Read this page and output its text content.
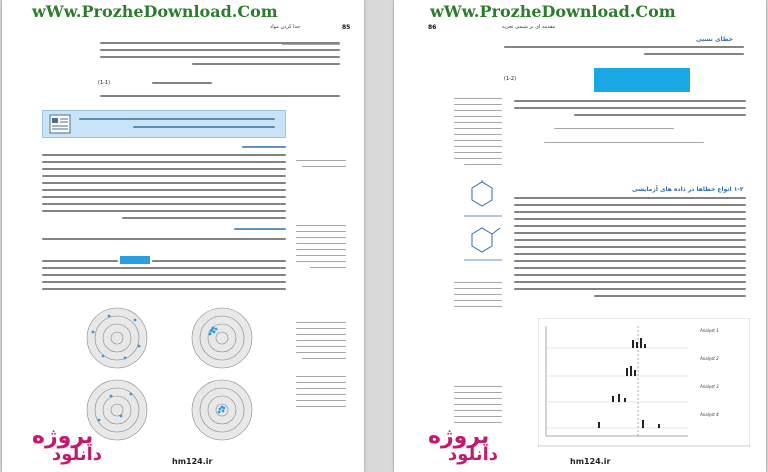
wWw.ProzheDownload.Com
85
جدا کردن مواد
(1-1)
پروژه
دانلود	hm124.ir
wWw.ProzheDownload.Com
86	مقدمه ای بر شیمی تجزیه
خطای نسبی
(1-2)
۱-۲ انواع خطاها در داده های آزمایشی
Analyst 1
Analyst 2
Analyst 3
Analyst 4
پروژه
دانلود	hm124.ir
